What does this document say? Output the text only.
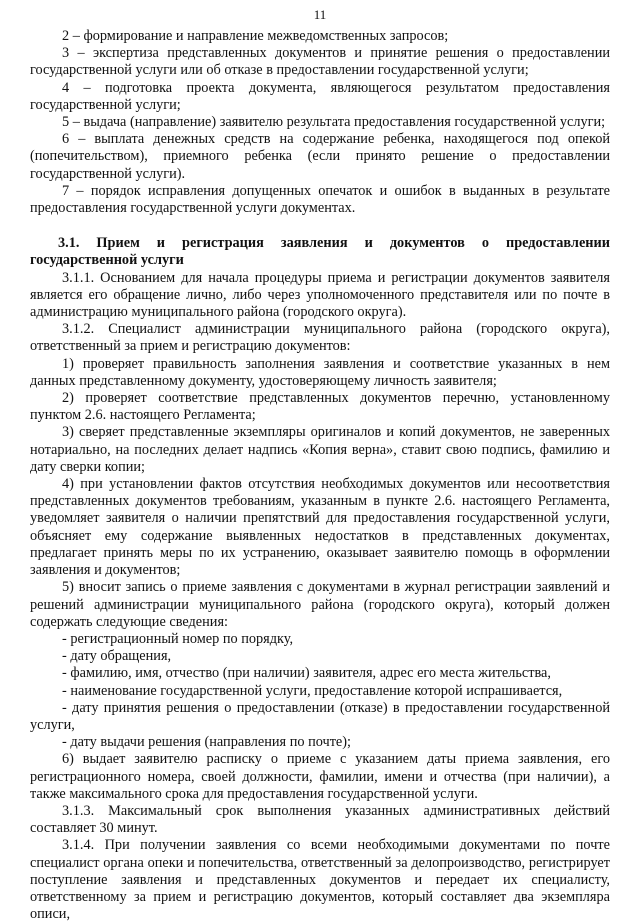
11

2 – формирование и направление межведомственных запросов;

3 – экспертиза представленных документов и принятие решения о предоставлении государственной услуги или об отказе в предоставлении государственной услуги;

4 – подготовка проекта документа, являющегося результатом предоставления государственной услуги;

5 – выдача (направление) заявителю результата предоставления государственной услуги;

6 – выплата денежных средств на содержание ребенка, находящегося под опекой (попечительством), приемного ребенка (если принято решение о предоставлении государственной услуги).

7 – порядок исправления допущенных опечаток и ошибок в выданных в результате предоставления государственной услуги документах.

3.1. Прием и регистрация заявления и документов о предоставлении государственной услуги

3.1.1. Основанием для начала процедуры приема и регистрации документов заявителя является его обращение лично, либо через уполномоченного представителя или по почте в администрацию муниципального района (городского округа).

3.1.2. Специалист администрации муниципального района (городского округа), ответственный за прием и регистрацию документов:

1) проверяет правильность заполнения заявления и соответствие указанных в нем данных представленному документу, удостоверяющему личность заявителя;

2) проверяет соответствие представленных документов перечню, установленному пунктом 2.6. настоящего Регламента;

3) сверяет представленные экземпляры оригиналов и копий документов, не заверенных нотариально, на последних делает надпись «Копия верна», ставит свою подпись, фамилию и дату сверки копии;

4) при установлении фактов отсутствия необходимых документов или несоответствия представленных документов требованиям, указанным в пункте 2.6. настоящего Регламента, уведомляет заявителя о наличии препятствий для предоставления государственной услуги, объясняет ему содержание выявленных недостатков в представленных документах, предлагает принять меры по их устранению, оказывает заявителю помощь в оформлении заявления и документов;

5) вносит запись о приеме заявления с документами в журнал регистрации заявлений и решений администрации муниципального района (городского округа), который должен содержать следующие сведения:

- регистрационный номер по порядку,

- дату обращения,

- фамилию, имя, отчество (при наличии) заявителя, адрес его места жительства,

- наименование государственной услуги, предоставление которой испрашивается,

- дату принятия решения о предоставлении (отказе) в предоставлении государственной услуги,

- дату выдачи решения (направления по почте);

6) выдает заявителю расписку о приеме с указанием даты приема заявления, его регистрационного номера, своей должности, фамилии, имени и отчества (при наличии), а также максимального срока для предоставления государственной услуги.

3.1.3. Максимальный срок выполнения указанных административных действий составляет 30 минут.

3.1.4. При получении заявления со всеми необходимыми документами по почте специалист органа опеки и попечительства, ответственный за делопроизводство, регистрирует поступление заявления и представленных документов и передает их специалисту, ответственному за прием и регистрацию документов, который составляет два экземпляра описи,
